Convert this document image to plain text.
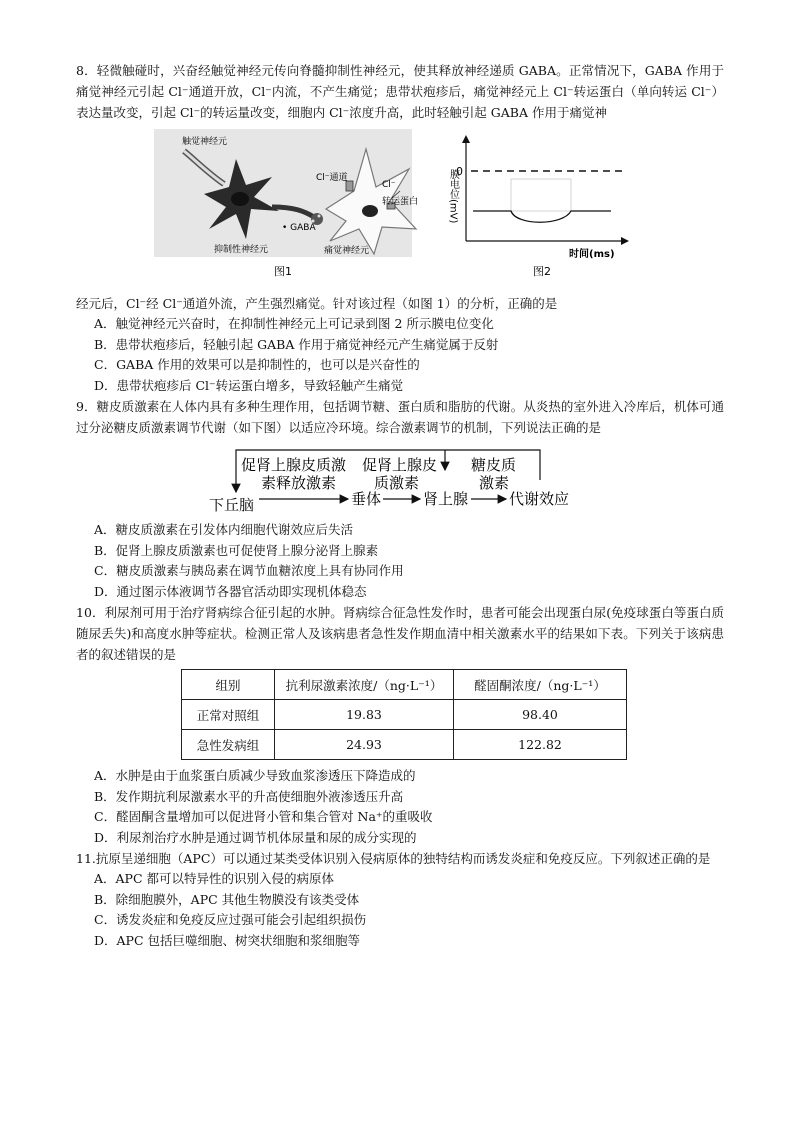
8．轻微触碰时，兴奋经触觉神经元传向脊髓抑制性神经元，使其释放神经递质 GABA。正常情况下，GABA 作用于痛觉神经元引起 Cl⁻通道开放，Cl⁻内流，不产生痛觉；患带状疱疹后，痛觉神经元上 Cl⁻转运蛋白（单向转运 Cl⁻）表达量改变，引起 Cl⁻的转运量改变，细胞内 Cl⁻浓度升高，此时轻触引起 GABA 作用于痛觉神

触觉神经元
抑制性神经元
• GABA
Cl⁻通道
Cl⁻
转运蛋白
痛觉神经元
图1
0
膜电位(mV)
时间(ms)
图2

经元后，Cl⁻经 Cl⁻通道外流，产生强烈痛觉。针对该过程（如图 1）的分析，正确的是

A．触觉神经元兴奋时，在抑制性神经元上可记录到图 2 所示膜电位变化

B．患带状疱疹后，轻触引起 GABA 作用于痛觉神经元产生痛觉属于反射

C．GABA 作用的效果可以是抑制性的，也可以是兴奋性的

D．患带状疱疹后 Cl⁻转运蛋白增多，导致轻触产生痛觉

9．糖皮质激素在人体内具有多种生理作用，包括调节糖、蛋白质和脂肪的代谢。从炎热的室外进入冷库后，机体可通过分泌糖皮质激素调节代谢（如下图）以适应冷环境。综合激素调节的机制，下列说法正确的是

下丘脑	垂体	肾上腺	代谢效应
促肾上腺皮质激
素释放激素
促肾上腺皮
质激素
糖皮质
激素

A．糖皮质激素在引发体内细胞代谢效应后失活

B．促肾上腺皮质激素也可促使肾上腺分泌肾上腺素

C．糖皮质激素与胰岛素在调节血糖浓度上具有协同作用

D．通过图示体液调节各器官活动即实现机体稳态

10．利尿剂可用于治疗肾病综合征引起的水肿。肾病综合征急性发作时，患者可能会出现蛋白尿(免疫球蛋白等蛋白质随尿丢失)和高度水肿等症状。检测正常人及该病患者急性发作期血清中相关激素水平的结果如下表。下列关于该病患者的叙述错误的是

组别	抗利尿激素浓度/（ng·L⁻¹）	醛固酮浓度/（ng·L⁻¹）
正常对照组	19.83	98.40
急性发病组	24.93	122.82

A．水肿是由于血浆蛋白质减少导致血浆渗透压下降造成的

B．发作期抗利尿激素水平的升高使细胞外液渗透压升高

C．醛固酮含量增加可以促进肾小管和集合管对 Na⁺的重吸收

D．利尿剂治疗水肿是通过调节机体尿量和尿的成分实现的

11.抗原呈递细胞（APC）可以通过某类受体识别入侵病原体的独特结构而诱发炎症和免疫反应。下列叙述正确的是

A．APC 都可以特异性的识别入侵的病原体

B．除细胞膜外，APC 其他生物膜没有该类受体

C．诱发炎症和免疫反应过强可能会引起组织损伤

D．APC 包括巨噬细胞、树突状细胞和浆细胞等
